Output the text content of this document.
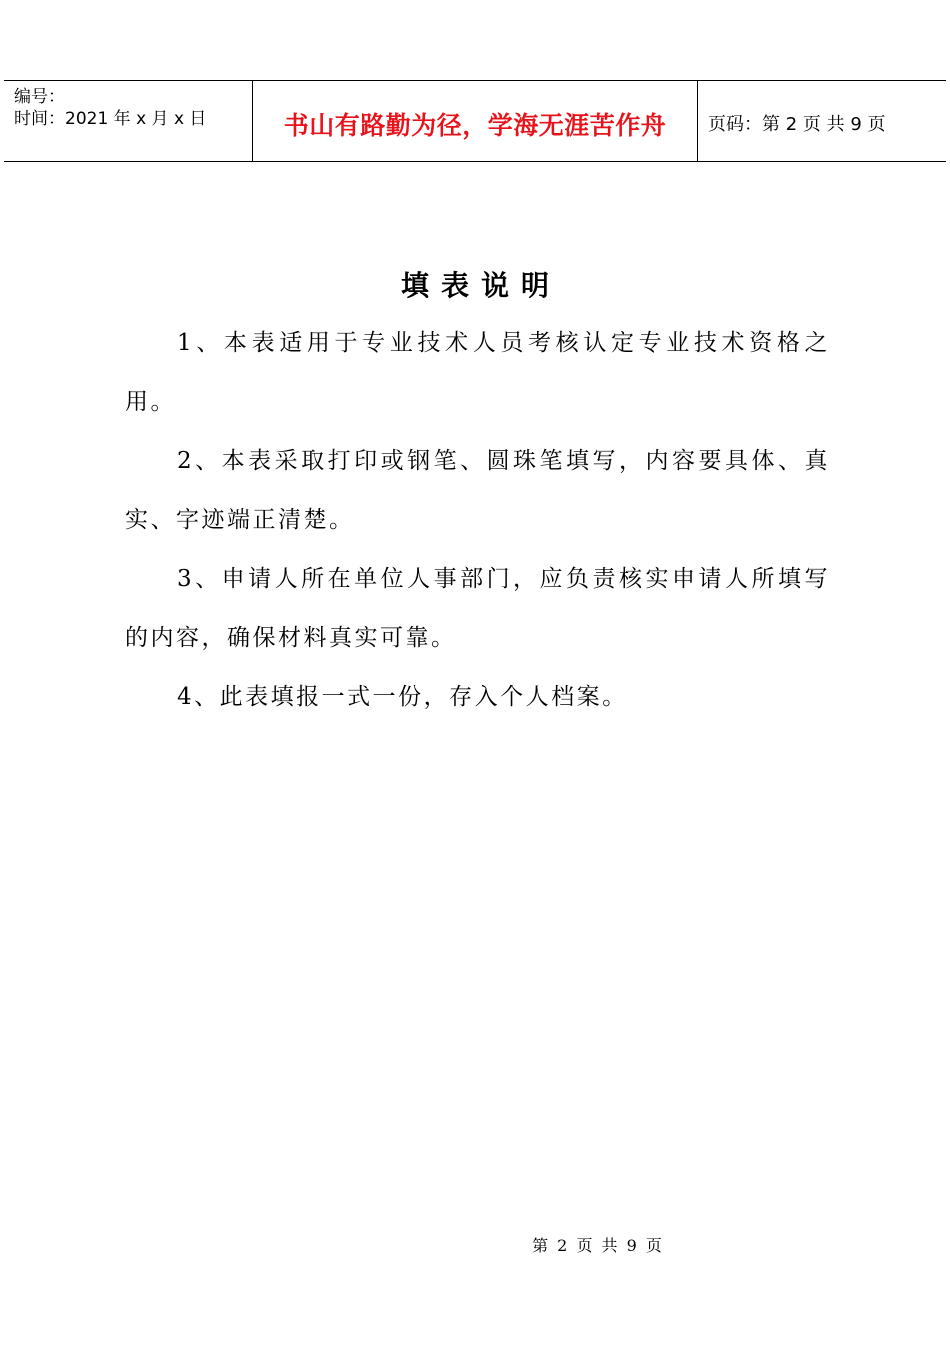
编号：
时间：2021 年 x 月 x 日	书山有路勤为径，学海无涯苦作舟 页码：第 2 页 共 9 页
填表说明

1、本表适用于专业技术人员考核认定专业技术资格之用。

2、本表采取打印或钢笔、圆珠笔填写，内容要具体、真实、字迹端正清楚。

3、申请人所在单位人事部门，应负责核实申请人所填写的内容，确保材料真实可靠。

4、此表填报一式一份，存入个人档案。

第 2 页 共 9 页
